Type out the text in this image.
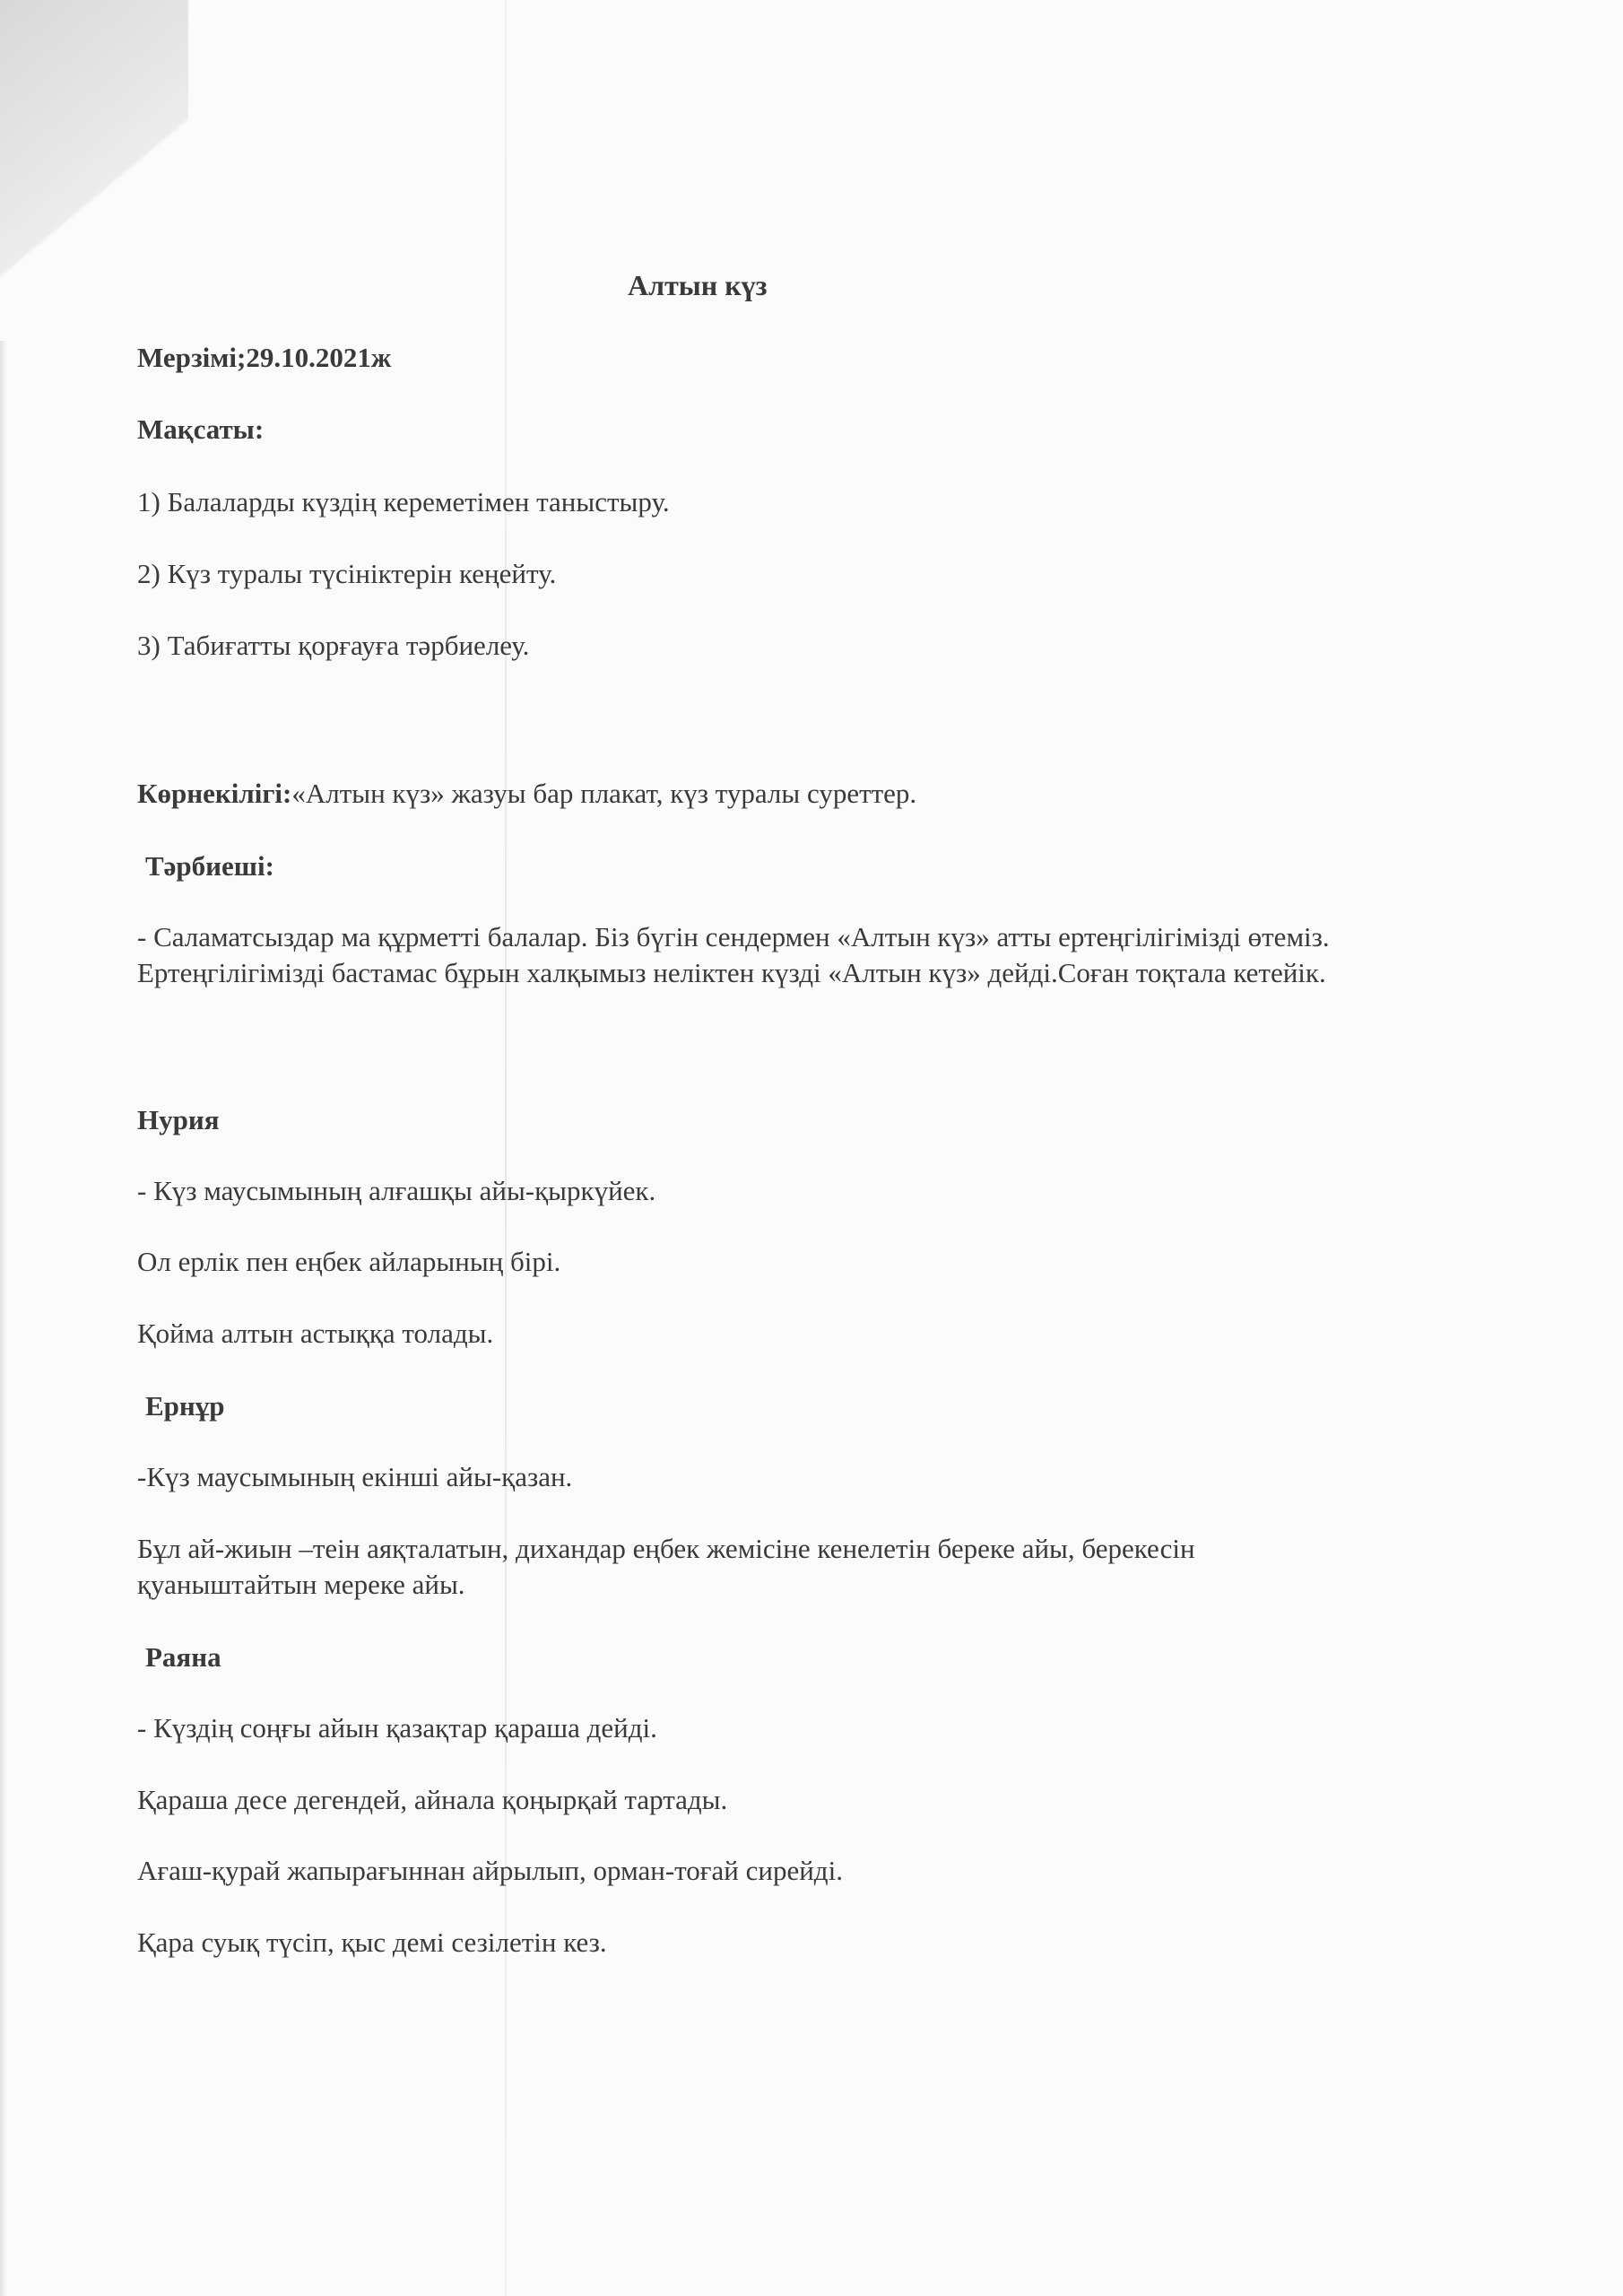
Алтын күз
Мерзімі;29.10.2021ж
Мақсаты:
1) Балаларды күздің кереметімен таныстыру.
2) Күз туралы түсініктерін кеңейту.
3) Табиғатты қорғауға тәрбиелеу.
Көрнекілігі:«Алтын күз» жазуы бар плакат, күз туралы суреттер.
Тәрбиеші:
- Саламатсыздар ма құрметті балалар. Біз бүгін сендермен «Алтын күз» атты ертеңгілігімізді өтеміз.
Ертеңгілігімізді бастамас бұрын халқымыз неліктен күзді «Алтын күз» дейді.Соған тоқтала кетейік.
Нурия
- Күз маусымының алғашқы айы-қыркүйек.
Ол ерлік пен еңбек айларының бірі.
Қойма алтын астыққа толады.
Ернұр
-Күз маусымының екінші айы-қазан.
Бұл ай-жиын –теін аяқталатын, дихандар еңбек жемісіне кенелетін береке айы, берекесін
қуаныштайтын мереке айы.
Раяна
- Күздің соңғы айын қазақтар қараша дейді.
Қараша десе дегендей, айнала қоңырқай тартады.
Ағаш-қурай жапырағыннан айрылып, орман-тоғай сирейді.
Қара суық түсіп, қыс демі сезілетін кез.
